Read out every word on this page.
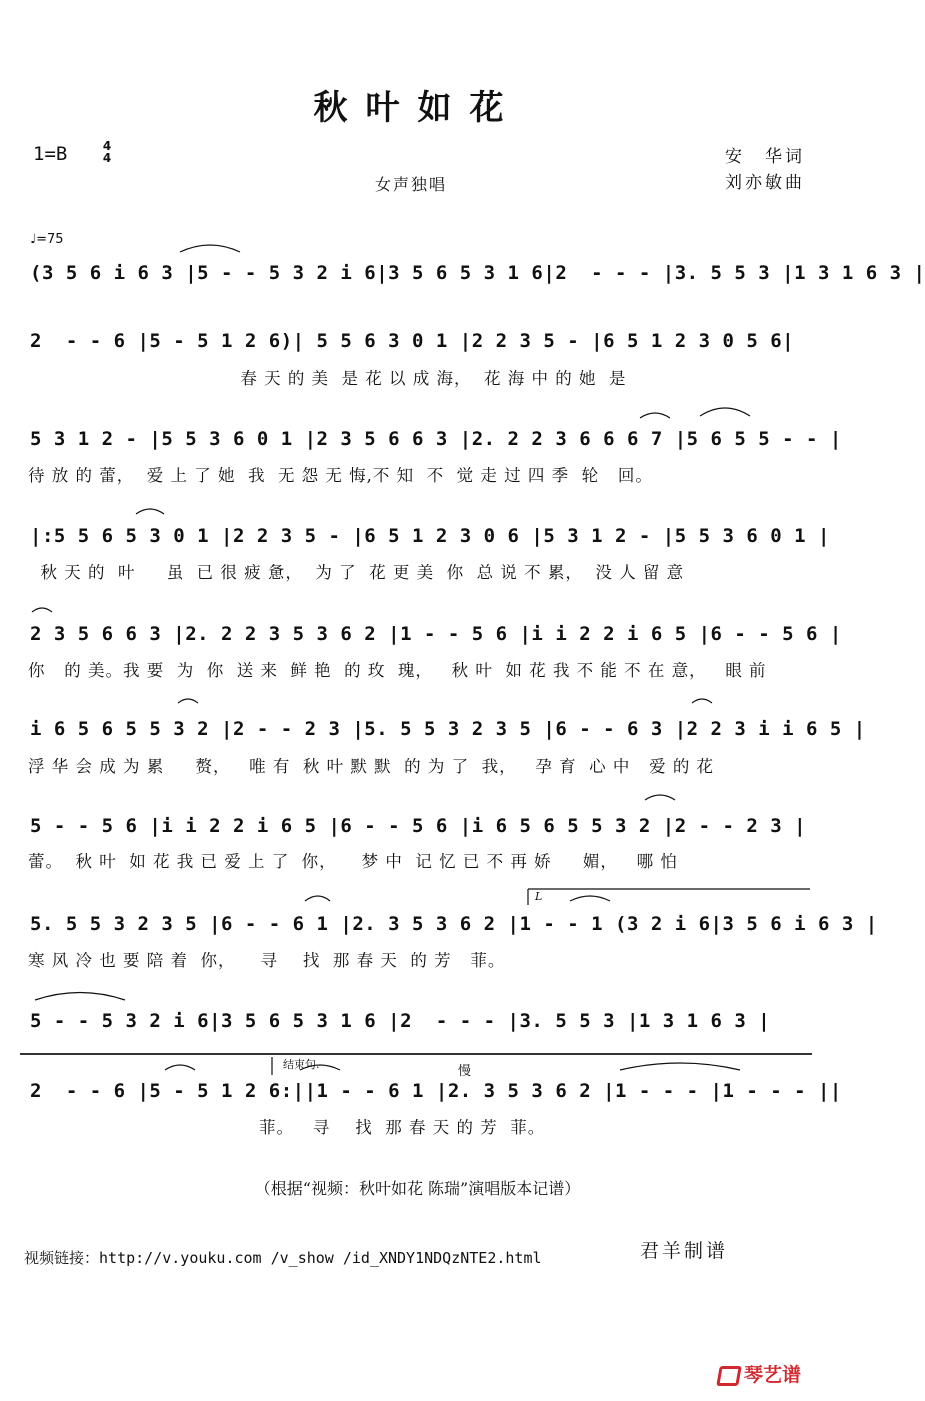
秋叶如花
1=B	4
4	安　华词
刘亦敏曲
女声独唱
♩=75
(3 5 6 i 6 3 |5 - - 5 3 2 i 6|3 5 6 5 3 1 6|2  - - - |3. 5 5 3 |1 3 1 6 3 |
2  - - 6 |5 - 5 1 2 6)| 5 5 6 3 0 1 |2 2 3 5 - |6 5 1 2 3 0 5 6|
春 天 的 美  是 花 以 成 海，  花 海 中 的 她  是
5 3 1 2 - |5 5 3 6 0 1 |2 3 5 6 6 3 |2. 2 2 3 6 6 6 7 |5 6 5 5 - - |
待 放 的 蕾，  爱 上 了 她  我  无 怨 无 悔,不 知  不  觉 走 过 四 季  轮   回。
|:5 5 6 5 3 0 1 |2 2 3 5 - |6 5 1 2 3 0 6 |5 3 1 2 - |5 5 3 6 0 1 |
秋 天 的  叶     虽  已 很 疲 惫，  为 了  花 更 美  你  总 说 不 累，  没 人 留 意
2 3 5 6 6 3 |2. 2 2 3 5 3 6 2 |1 - - 5 6 |i i 2 2 i 6 5 |6 - - 5 6 |
你   的 美。我 要  为  你  送 来  鲜 艳  的 玫  瑰，   秋 叶  如 花 我 不 能 不 在 意，   眼 前
i 6 5 6 5 5 3 2 |2 - - 2 3 |5. 5 5 3 2 3 5 |6 - - 6 3 |2 2 3 i i 6 5 |
浮 华 会 成 为 累     赘，   唯 有  秋 叶 默 默  的 为 了  我，   孕 育  心 中   爱 的 花
5 - - 5 6 |i i 2 2 i 6 5 |6 - - 5 6 |i 6 5 6 5 5 3 2 |2 - - 2 3 |
蕾。  秋 叶  如 花 我 已 爱 上 了  你，    梦 中  记 忆 已 不 再 娇     媚，   哪 怕
5. 5 5 3 2 3 5 |6 - - 6 1 |2. 3 5 3 6 2 |1 - - 1 (3 2 i 6|3 5 6 i 6 3 |
寒 风 冷 也 要 陪 着  你，    寻    找  那 春 天  的 芳   菲。
5 - - 5 3 2 i 6|3 5 6 5 3 1 6 |2  - - - |3. 5 5 3 |1 3 1 6 3 |
结束句.	慢
L
2  - - 6 |5 - 5 1 2 6:||1 - - 6 1 |2. 3 5 3 6 2 |1 - - - |1 - - - ||
菲。   寻    找  那 春 天 的 芳  菲。
（根据“视频：秋叶如花 陈瑞”演唱版本记谱）
视频链接：http://v.youku.com /v_show /id_XNDY1NDQzNTE2.html	君羊制谱
琴艺谱
